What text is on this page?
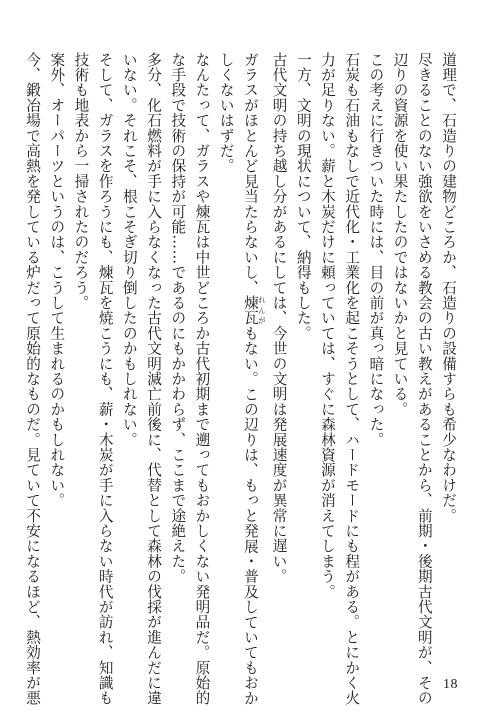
道理で、石造りの建物どころか、石造りの設備すらも希少なわけだ。

尽きることのない強欲をいさめる教会の古い教えがあることから、前期・後期古代文明が、その

辺りの資源を使い果たしたのではないかと見ている。

この考えに行きついた時には、目の前が真っ暗になった。

石炭も石油もなしで近代化・工業化を起こそうとして、ハードモードにも程がある。とにかく火

力が足りない。薪と木炭だけに頼っていては、すぐに森林資源が消えてしまう。

一方、文明の現状について、納得もした。

古代文明の持ち越し分があるにしては、今世の文明は発展速度が異常に遅い。

ガラスがほとんど見当たらないし、煉瓦 れんがもない。この辺りは、もっと発展・普及していてもおか

しくないはずだ。

なんたって、ガラスや煉瓦は中世どころか古代初期まで遡ってもおかしくない発明品だ。原始的

な手段で技術の保持が可能……であるのにもかかわらず、ここまで途絶えた。

多分、化石燃料が手に入らなくなった古代文明滅亡前後に、代替として森林の伐採が進んだに違

いない。それこそ、根こそぎ切り倒したのかもしれない。

そして、ガラスを作ろうにも、煉瓦を焼こうにも、薪・木炭が手に入らない時代が訪れ、知識も

技術も地表から一掃されたのだろう。

案外、オーパーツというのは、こうして生まれるのかもしれない。

今、鍛冶場で高熱を発している炉だって原始的なものだ。見ていて不安になるほど、熱効率が悪	18
